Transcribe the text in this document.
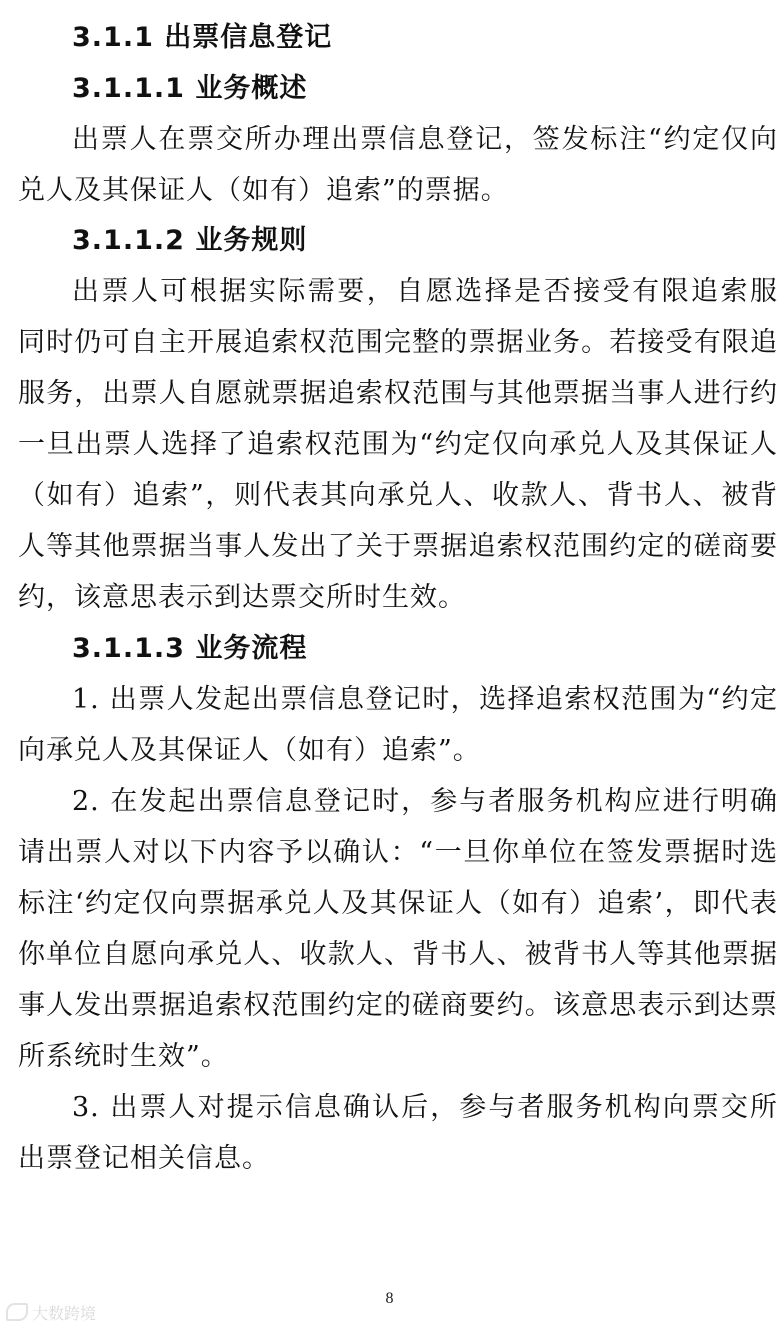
3.1.1 出票信息登记
3.1.1.1 业务概述
出票人在票交所办理出票信息登记，签发标注“约定仅向
兑人及其保证人（如有）追索”的票据。
3.1.1.2 业务规则
出票人可根据实际需要，自愿选择是否接受有限追索服
同时仍可自主开展追索权范围完整的票据业务。若接受有限追
服务，出票人自愿就票据追索权范围与其他票据当事人进行约
一旦出票人选择了追索权范围为“约定仅向承兑人及其保证人
（如有）追索”，则代表其向承兑人、收款人、背书人、被背
人等其他票据当事人发出了关于票据追索权范围约定的磋商要
约，该意思表示到达票交所时生效。
3.1.1.3 业务流程
1. 出票人发起出票信息登记时，选择追索权范围为“约定
向承兑人及其保证人（如有）追索”。
2. 在发起出票信息登记时，参与者服务机构应进行明确
请出票人对以下内容予以确认：“一旦你单位在签发票据时选
标注‘约定仅向票据承兑人及其保证人（如有）追索’，即代表
你单位自愿向承兑人、收款人、背书人、被背书人等其他票据
事人发出票据追索权范围约定的磋商要约。该意思表示到达票
所系统时生效”。
3. 出票人对提示信息确认后，参与者服务机构向票交所
出票登记相关信息。
8
大数跨境
